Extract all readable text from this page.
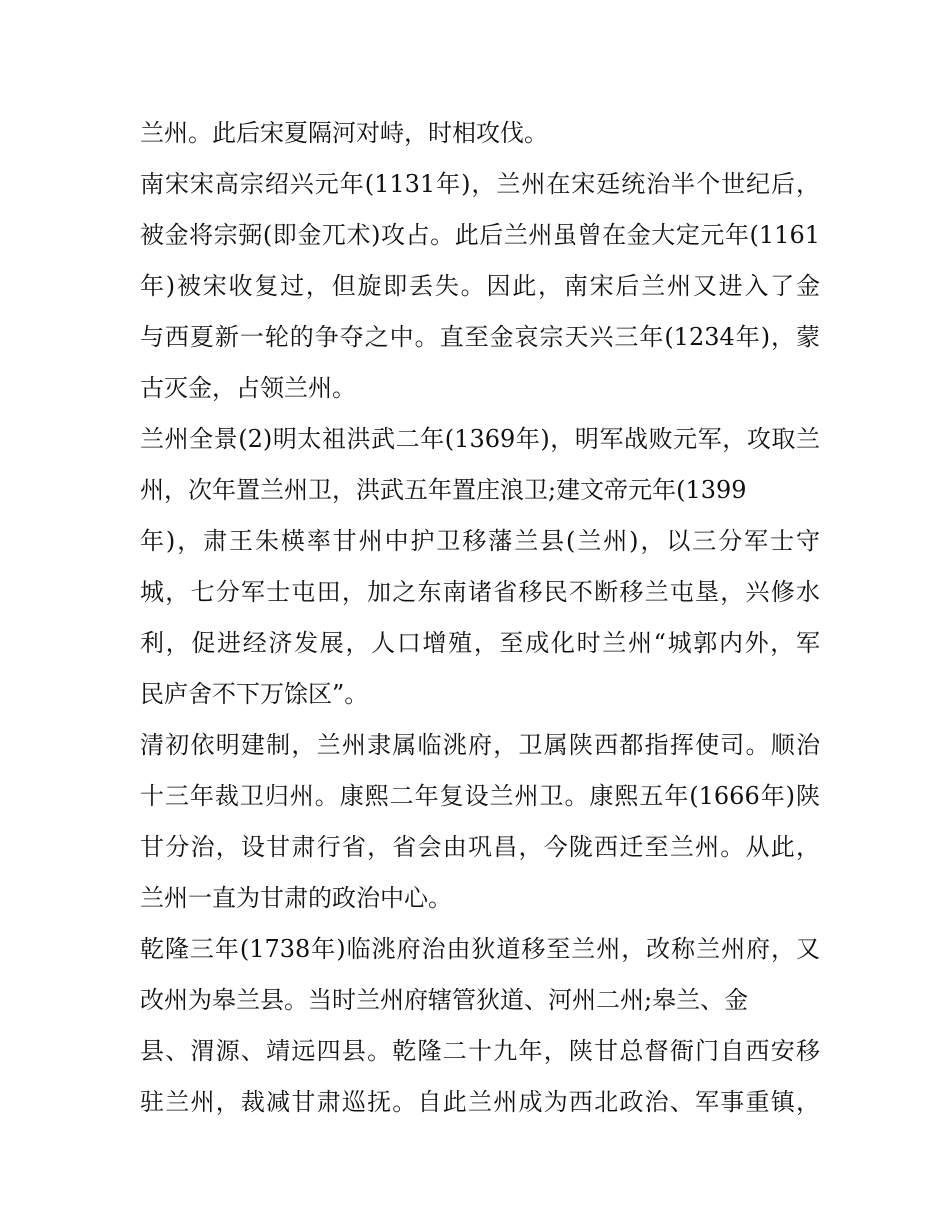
兰州。此后宋夏隔河对峙，时相攻伐。
南宋宋高宗绍兴元年(1131年)，兰州在宋廷统治半个世纪后，
被金将宗弼(即金兀术)攻占。此后兰州虽曾在金大定元年(1161
年)被宋收复过，但旋即丢失。因此，南宋后兰州又进入了金
与西夏新一轮的争夺之中。直至金哀宗天兴三年(1234年)，蒙
古灭金，占领兰州。
兰州全景(2)明太祖洪武二年(1369年)，明军战败元军，攻取兰
州，次年置兰州卫，洪武五年置庄浪卫;建文帝元年(1399
年)，肃王朱楧率甘州中护卫移藩兰县(兰州)，以三分军士守
城，七分军士屯田，加之东南诸省移民不断移兰屯垦，兴修水
利，促进经济发展，人口增殖，至成化时兰州“城郭内外，军
民庐舍不下万馀区”。
清初依明建制，兰州隶属临洮府，卫属陕西都指挥使司。顺治
十三年裁卫归州。康熙二年复设兰州卫。康熙五年(1666年)陕
甘分治，设甘肃行省，省会由巩昌，今陇西迁至兰州。从此，
兰州一直为甘肃的政治中心。
乾隆三年(1738年)临洮府治由狄道移至兰州，改称兰州府，又
改州为皋兰县。当时兰州府辖管狄道、河州二州;皋兰、金
县、渭源、靖远四县。乾隆二十九年，陕甘总督衙门自西安移
驻兰州，裁减甘肃巡抚。自此兰州成为西北政治、军事重镇，
